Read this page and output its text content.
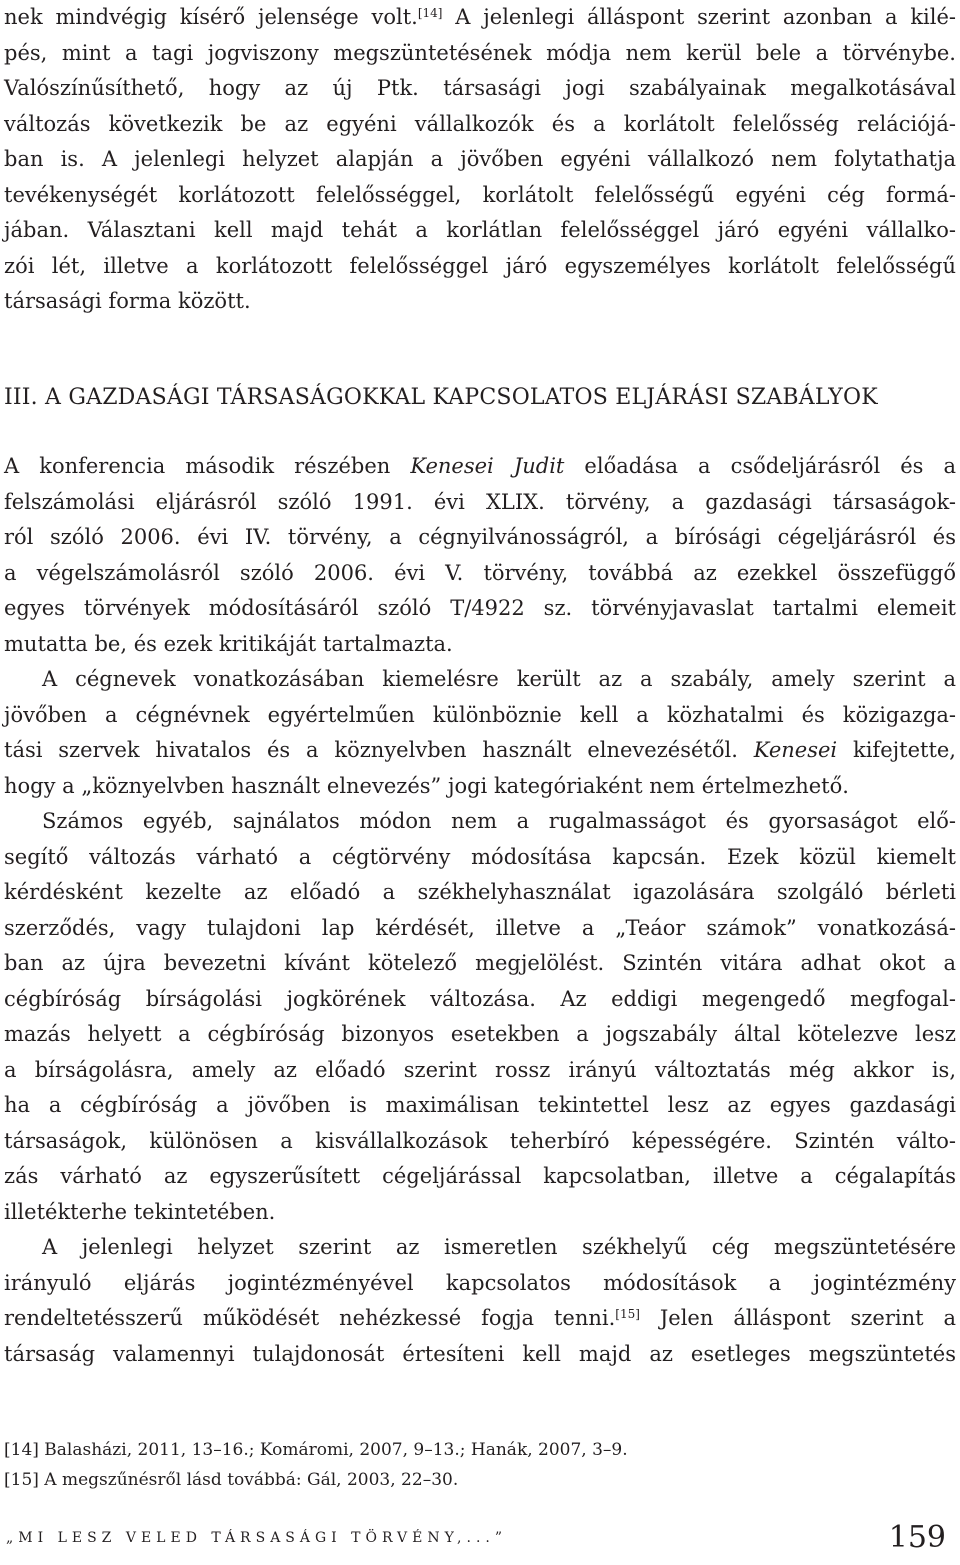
nek mindvégig kísérő jelensége volt.[14] A jelenlegi álláspont szerint azonban a kilé-
pés, mint a tagi jogviszony megszüntetésének módja nem kerül bele a törvénybe.
Valószínűsíthető, hogy az új Ptk. társasági jogi szabályainak megalkotásával
változás következik be az egyéni vállalkozók és a korlátolt felelősség relációjá-
ban is. A jelenlegi helyzet alapján a jövőben egyéni vállalkozó nem folytathatja
tevékenységét korlátozott felelősséggel, korlátolt felelősségű egyéni cég formá-
jában. Választani kell majd tehát a korlátlan felelősséggel járó egyéni vállalko-
zói lét, illetve a korlátozott felelősséggel járó egyszemélyes korlátolt felelősségű
társasági forma között.

III. A GAZDASÁGI TÁRSASÁGOKKAL KAPCSOLATOS ELJÁRÁSI SZABÁLYOK

A konferencia második részében Kenesei Judit előadása a csődeljárásról és a
felszámolási eljárásról szóló 1991. évi XLIX. törvény, a gazdasági társaságok-
ról szóló 2006. évi IV. törvény, a cégnyilvánosságról, a bírósági cégeljárásról és
a végelszámolásról szóló 2006. évi V. törvény, továbbá az ezekkel összefüggő
egyes törvények módosításáról szóló T/4922 sz. törvényjavaslat tartalmi elemeit
mutatta be, és ezek kritikáját tartalmazta.

A cégnevek vonatkozásában kiemelésre került az a szabály, amely szerint a
jövőben a cégnévnek egyértelműen különböznie kell a közhatalmi és közigazga-
tási szervek hivatalos és a köznyelvben használt elnevezésétől. Kenesei kifejtette,
hogy a „köznyelvben használt elnevezés” jogi kategóriaként nem értelmezhető.

Számos egyéb, sajnálatos módon nem a rugalmasságot és gyorsaságot elő-
segítő változás várható a cégtörvény módosítása kapcsán. Ezek közül kiemelt
kérdésként kezelte az előadó a székhelyhasználat igazolására szolgáló bérleti
szerződés, vagy tulajdoni lap kérdését, illetve a „Teáor számok” vonatkozásá-
ban az újra bevezetni kívánt kötelező megjelölést. Szintén vitára adhat okot a
cégbíróság bírságolási jogkörének változása. Az eddigi megengedő megfogal-
mazás helyett a cégbíróság bizonyos esetekben a jogszabály által kötelezve lesz
a bírságolásra, amely az előadó szerint rossz irányú változtatás még akkor is,
ha a cégbíróság a jövőben is maximálisan tekintettel lesz az egyes gazdasági
társaságok, különösen a kisvállalkozások teherbíró képességére. Szintén válto-
zás várható az egyszerűsített cégeljárással kapcsolatban, illetve a cégalapítás
illetékterhe tekintetében.

A jelenlegi helyzet szerint az ismeretlen székhelyű cég megszüntetésére
irányuló eljárás jogintézményével kapcsolatos módosítások a jogintézmény
rendeltetésszerű működését nehézkessé fogja tenni.[15] Jelen álláspont szerint a
társaság valamennyi tulajdonosát értesíteni kell majd az esetleges megszüntetés

[14] Balasházi, 2011, 13–16.; Komáromi, 2007, 9–13.; Hanák, 2007, 3–9.
[15] A megszűnésről lásd továbbá: Gál, 2003, 22–30.
„MI LESZ VELED TÁRSASÁGI TÖRVÉNY,...”	159
